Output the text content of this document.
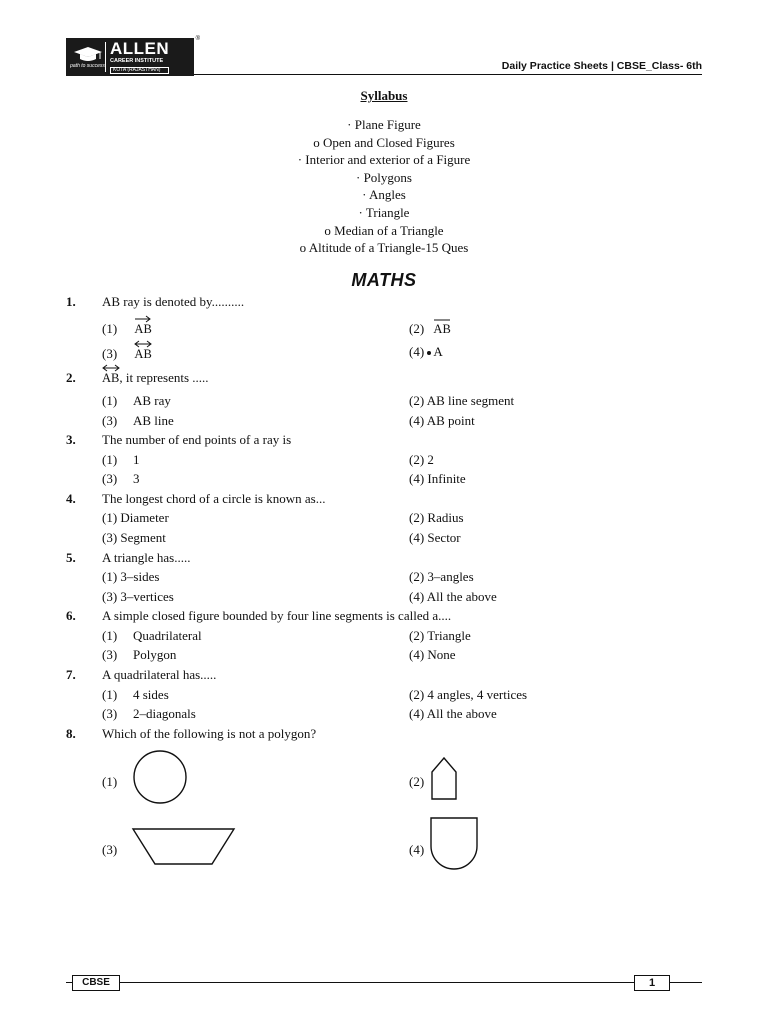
path to success
ALLEN
CAREER INSTITUTE
KOTA (RAJASTHAN)
®
Daily Practice Sheets | CBSE_Class- 6th
Syllabus
· Plane Figure
o Open and Closed Figures
· Interior and exterior of a Figure
· Polygons
· Angles
· Triangle
o Median of a Triangle
o Altitude of a Triangle-15 Ques
MATHS
1. AB ray is denoted by..........
(1) AB	(2) AB
(3) AB	(4) A
2. AB, it represents .....
(1) AB ray	(2) AB line segment
(3) AB line	(4) AB point
3. The number of end points of a ray is
(1) 1	(2) 2
(3) 3	(4) Infinite
4. The longest chord of a circle is known as...
(1) Diameter	(2) Radius
(3) Segment	(4) Sector
5. A triangle has.....
(1) 3–sides	(2) 3–angles
(3) 3–vertices	(4) All the above
6. A simple closed figure bounded by four line segments is called a....
(1) Quadrilateral	(2) Triangle
(3) Polygon	(4) None
7. A quadrilateral has.....
(1) 4 sides	(2) 4 angles, 4 vertices
(3) 2–diagonals	(4) All the above
8. Which of the following is not a polygon?
(1)	(2)
(3)	(4)
CBSE	1
